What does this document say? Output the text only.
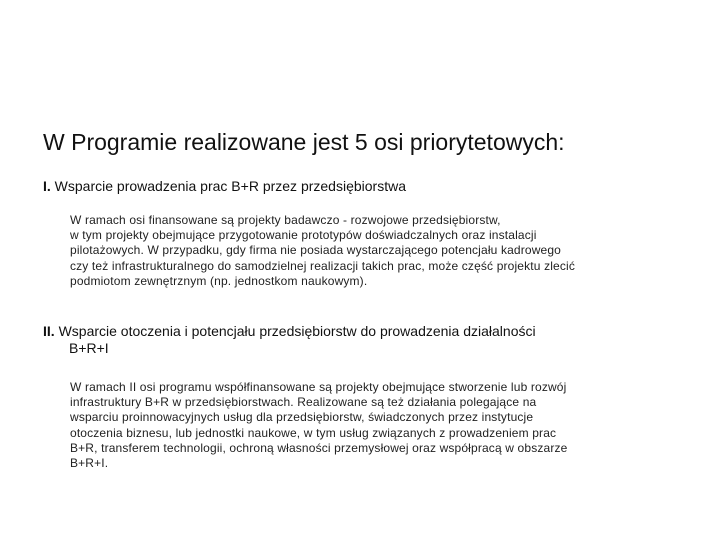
W Programie realizowane jest 5 osi priorytetowych:
I. Wsparcie prowadzenia prac B+R przez przedsiębiorstwa
W ramach osi finansowane są projekty badawczo - rozwojowe przedsiębiorstw,
w tym projekty obejmujące przygotowanie prototypów doświadczalnych oraz instalacji
pilotażowych. W przypadku, gdy firma nie posiada wystarczającego potencjału kadrowego
czy też infrastrukturalnego do samodzielnej realizacji takich prac, może część projektu zlecić
podmiotom zewnętrznym (np. jednostkom naukowym).
II. Wsparcie otoczenia i potencjału przedsiębiorstw do prowadzenia działalności
B+R+I
W ramach II osi programu współfinansowane są projekty obejmujące stworzenie lub rozwój
infrastruktury B+R w przedsiębiorstwach. Realizowane są też działania polegające na
wsparciu proinnowacyjnych usług dla przedsiębiorstw, świadczonych przez instytucje
otoczenia biznesu, lub jednostki naukowe, w tym usług związanych z prowadzeniem prac
B+R, transferem technologii, ochroną własności przemysłowej oraz współpracą w obszarze
B+R+I.
